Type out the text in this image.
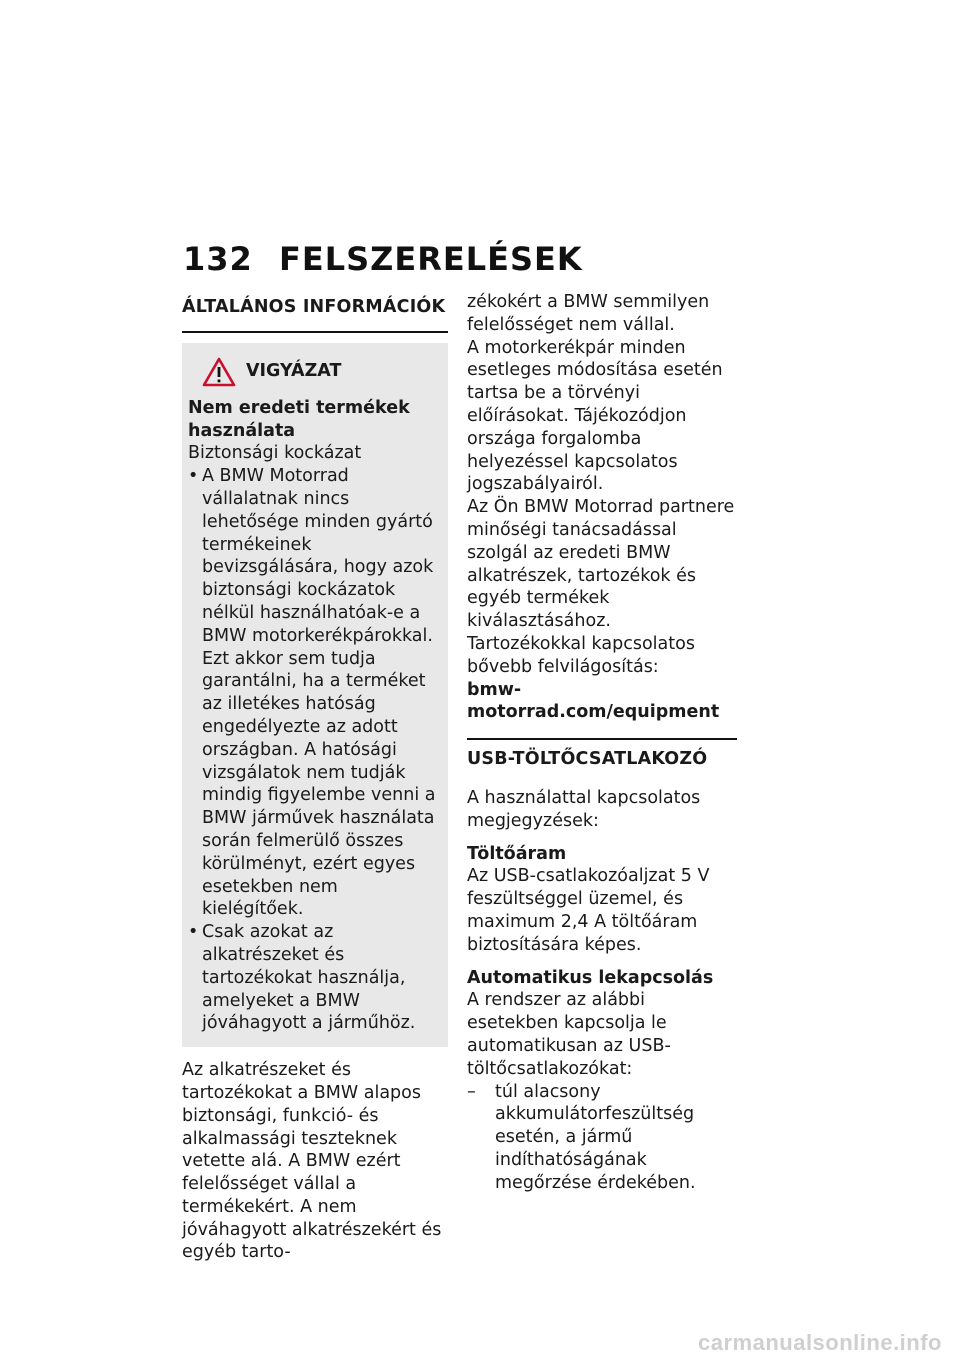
132 FELSZERELÉSEK
ÁLTALÁNOS INFORMÁCIÓK
VIGYÁZAT

Nem eredeti termékek használata

Biztonsági kockázat

• A BMW Motorrad vállalatnak nincs lehetősége minden gyártó termékeinek bevizsgálására, hogy azok biztonsági kockázatok nélkül használhatóak-e a BMW motorkerékpárokkal. Ezt akkor sem tudja garantálni, ha a terméket az illetékes hatóság engedélyezte az adott országban. A hatósági vizsgálatok nem tudják mindig figyelembe venni a BMW járművek használata során felmerülő összes körülményt, ezért egyes esetekben nem kielégítőek.
• Csak azokat az alkatrészeket és tartozékokat használja, amelyeket a BMW jóváhagyott a járműhöz.

Az alkatrészeket és tartozékokat a BMW alapos biztonsági, funkció- és alkalmassági teszteknek vetette alá. A BMW ezért felelősséget vállal a termékekért. A nem jóváhagyott alkatrészekért és egyéb tarto-

zékokért a BMW semmilyen felelősséget nem vállal.

A motorkerékpár minden esetleges módosítása esetén tartsa be a törvényi előírásokat. Tájékozódjon országa forgalomba helyezéssel kapcsolatos jogszabályairól.

Az Ön BMW Motorrad partnere minőségi tanácsadással szolgál az eredeti BMW alkatrészek, tartozékok és egyéb termékek kiválasztásához.

Tartozékokkal kapcsolatos bővebb felvilágosítás:

bmw-motorrad.com/equipment

USB-TÖLTŐCSATLAKOZÓ

A használattal kapcsolatos megjegyzések:

Töltőáram

Az USB-csatlakozóaljzat 5 V feszültséggel üzemel, és maximum 2,4 A töltőáram biztosítására képes.

Automatikus lekapcsolás

A rendszer az alábbi esetekben kapcsolja le automatikusan az USB-töltőcsatlakozókat:

– túl alacsony akkumulátorfeszültség esetén, a jármű indíthatóságának megőrzése érdekében.
carmanualsonline.info
